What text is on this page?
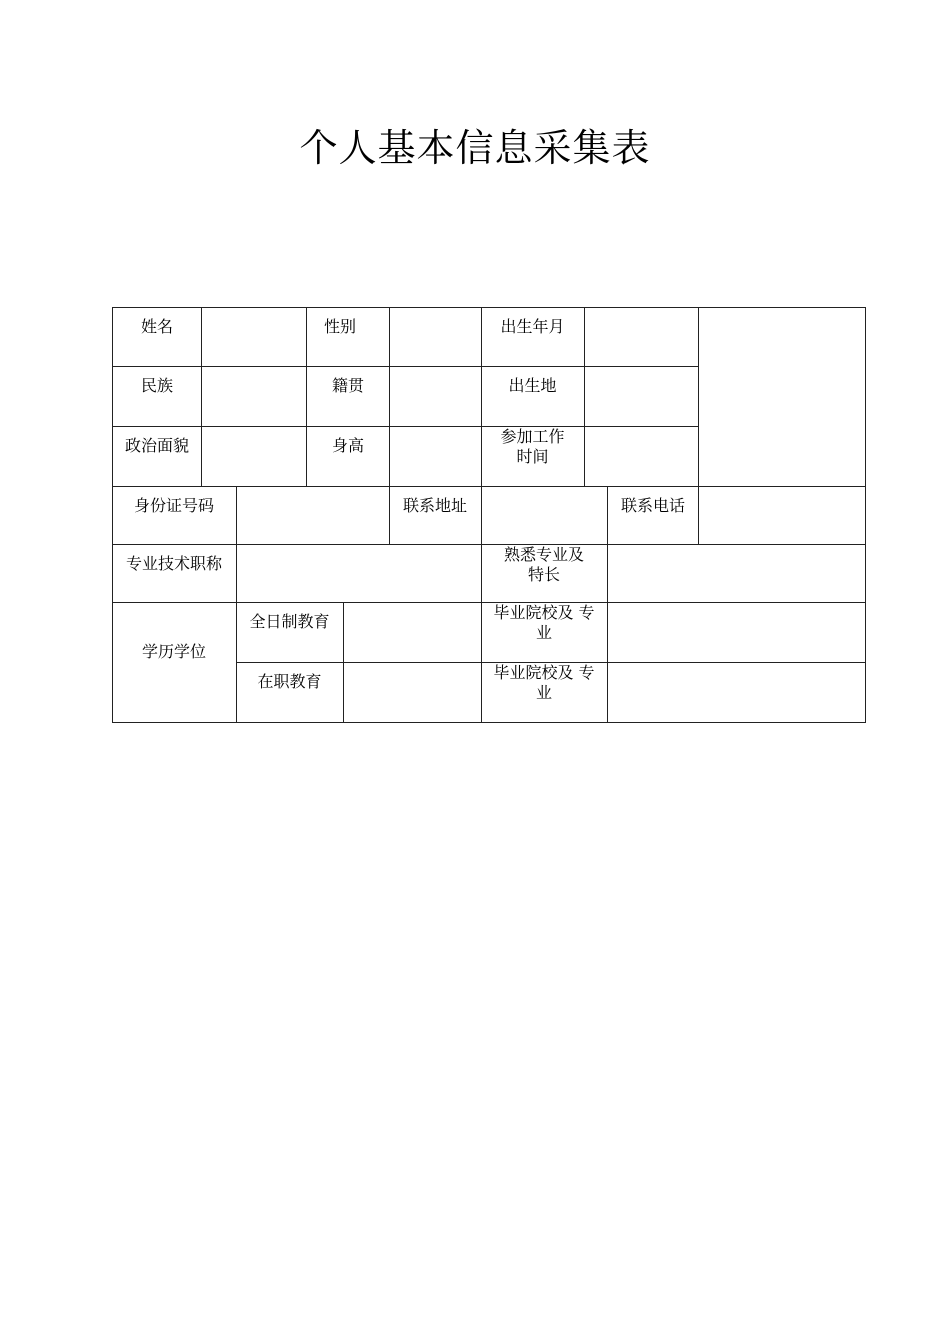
个人基本信息采集表
姓名	性别	出生年月
民族	籍贯	出生地
政治面貌	身高	参加工作
时间
身份证号码	联系地址	联系电话
专业技术职称	熟悉专业及
特长
学历学位
全日制教育	毕业院校及 专
业
在职教育	毕业院校及 专
业
